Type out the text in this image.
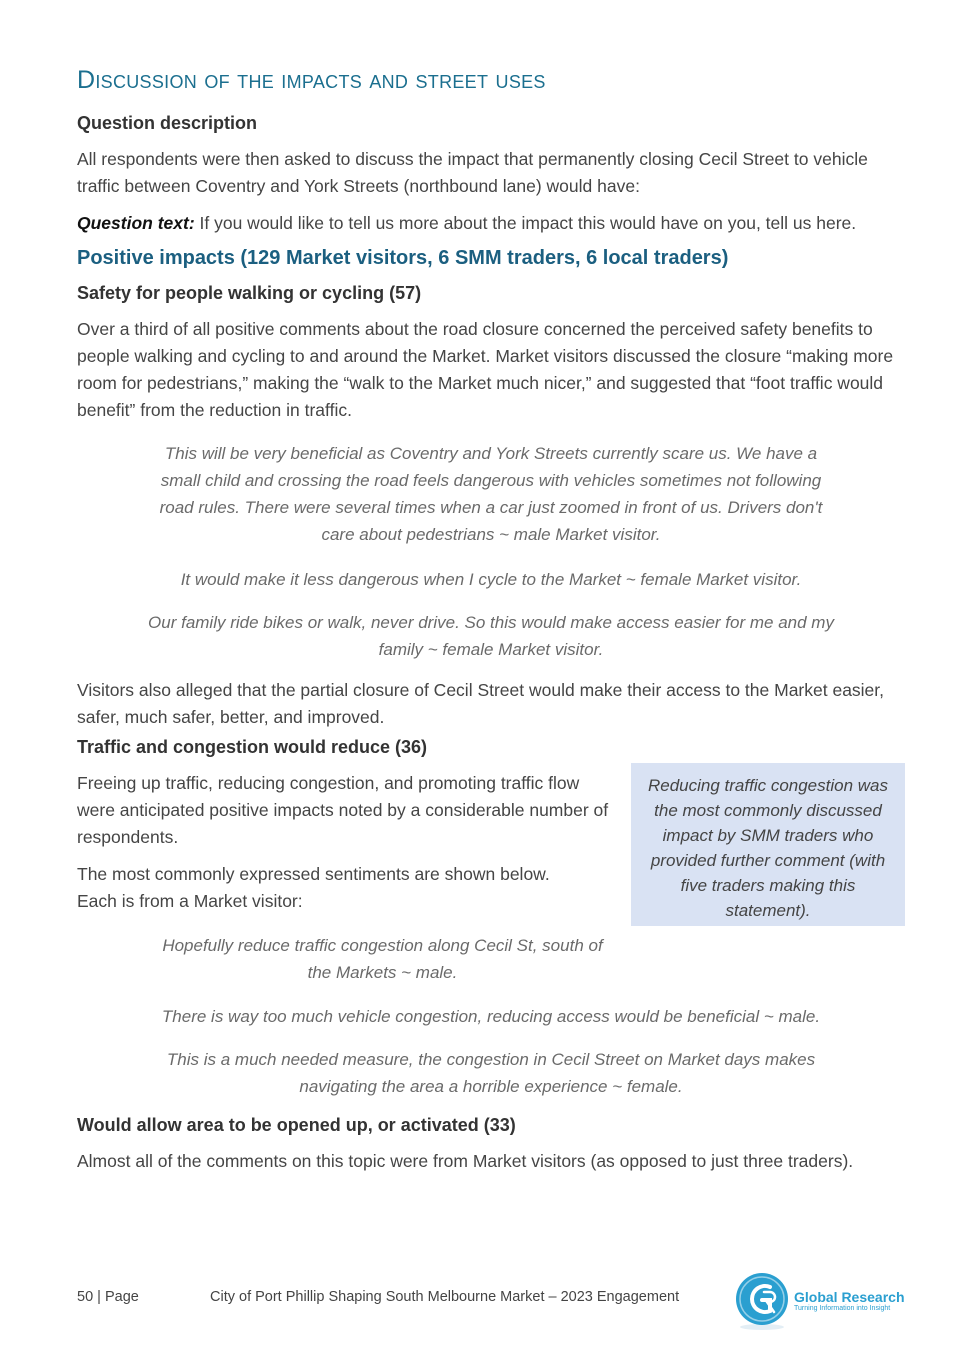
Discussion of the impacts and street uses
Question description

All respondents were then asked to discuss the impact that permanently closing Cecil Street to vehicle traffic between Coventry and York Streets (northbound lane) would have:

Question text: If you would like to tell us more about the impact this would have on you, tell us here.

Positive impacts (129 Market visitors, 6 SMM traders, 6 local traders)
Safety for people walking or cycling (57)

Over a third of all positive comments about the road closure concerned the perceived safety benefits to people walking and cycling to and around the Market. Market visitors discussed the closure “making more room for pedestrians,” making the “walk to the Market much nicer,” and suggested that “foot traffic would benefit” from the reduction in traffic.

This will be very beneficial as Coventry and York Streets currently scare us. We have a small child and crossing the road feels dangerous with vehicles sometimes not following road rules. There were several times when a car just zoomed in front of us. Drivers don't care about pedestrians ~ male Market visitor.

It would make it less dangerous when I cycle to the Market ~ female Market visitor.

Our family ride bikes or walk, never drive. So this would make access easier for me and my family ~ female Market visitor.

Visitors also alleged that the partial closure of Cecil Street would make their access to the Market easier, safer, much safer, better, and improved.

Traffic and congestion would reduce (36)

Freeing up traffic, reducing congestion, and promoting traffic flow were anticipated positive impacts noted by a considerable number of respondents.

The most commonly expressed sentiments are shown below. Each is from a Market visitor:

Reducing traffic congestion was the most commonly discussed impact by SMM traders who provided further comment (with five traders making this statement).

Hopefully reduce traffic congestion along Cecil St, south of the Markets ~ male.

There is way too much vehicle congestion, reducing access would be beneficial ~ male.

This is a much needed measure, the congestion in Cecil Street on Market days makes navigating the area a horrible experience ~ female.

Would allow area to be opened up, or activated (33)

Almost all of the comments on this topic were from Market visitors (as opposed to just three traders).

50 | Page	City of Port Phillip Shaping South Melbourne Market – 2023 Engagement	Global Research
Turning Information into Insight
